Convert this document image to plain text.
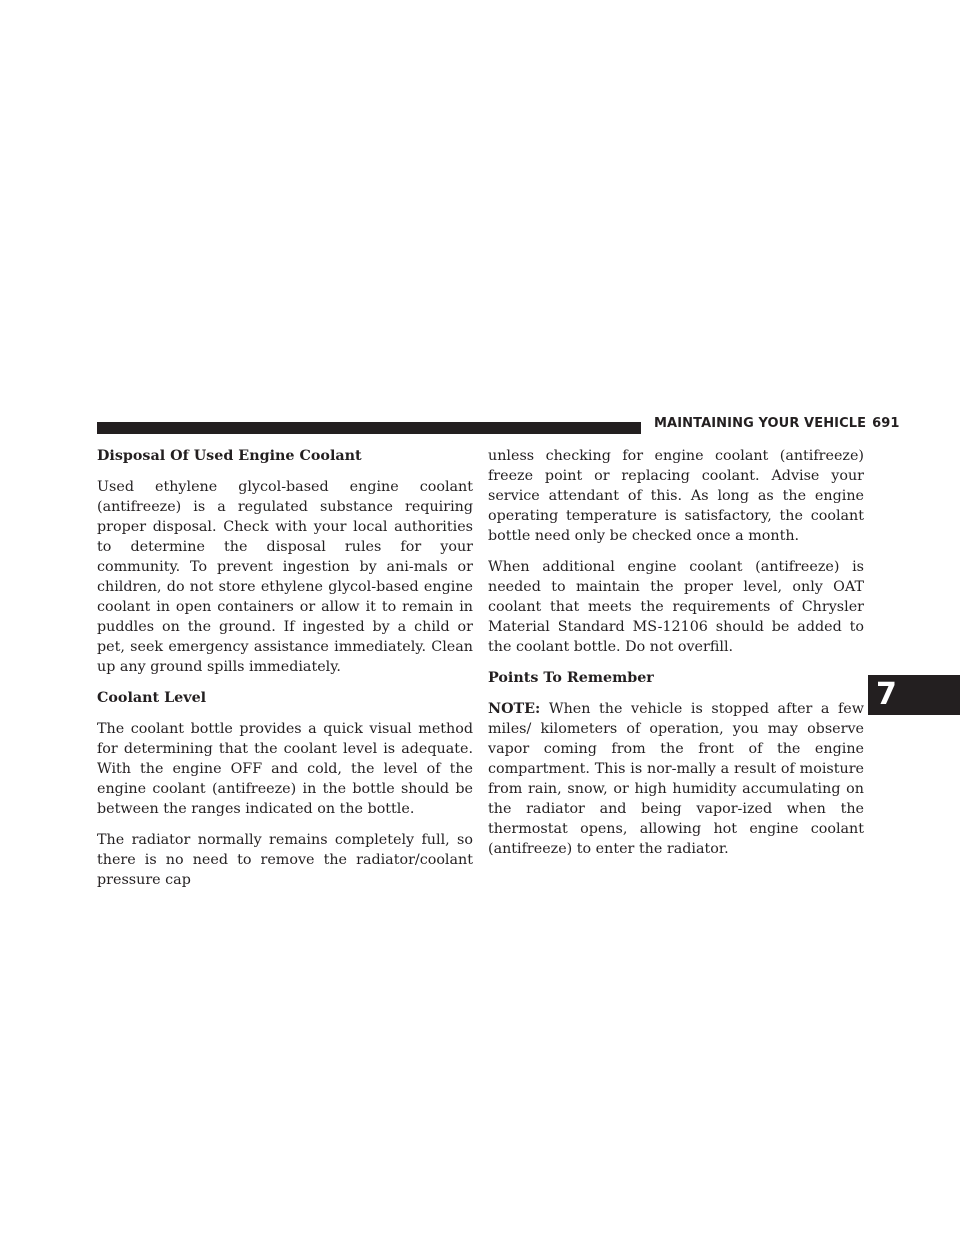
MAINTAINING YOUR VEHICLE 691
7
Disposal Of Used Engine Coolant

Used ethylene glycol-based engine coolant (antifreeze) is a regulated substance requiring proper disposal. Check with your local authorities to determine the disposal rules for your community. To prevent ingestion by ani-mals or children, do not store ethylene glycol-based engine coolant in open containers or allow it to remain in puddles on the ground. If ingested by a child or pet, seek emergency assistance immediately. Clean up any ground spills immediately.

Coolant Level

The coolant bottle provides a quick visual method for determining that the coolant level is adequate. With the engine OFF and cold, the level of the engine coolant (antifreeze) in the bottle should be between the ranges indicated on the bottle.

The radiator normally remains completely full, so there is no need to remove the radiator/coolant pressure cap

unless checking for engine coolant (antifreeze) freeze point or replacing coolant. Advise your service attendant of this. As long as the engine operating temperature is satisfactory, the coolant bottle need only be checked once a month.

When additional engine coolant (antifreeze) is needed to maintain the proper level, only OAT coolant that meets the requirements of Chrysler Material Standard MS-12106 should be added to the coolant bottle. Do not overfill.

Points To Remember

NOTE: When the vehicle is stopped after a few miles/ kilometers of operation, you may observe vapor coming from the front of the engine compartment. This is nor-mally a result of moisture from rain, snow, or high humidity accumulating on the radiator and being vapor-ized when the thermostat opens, allowing hot engine coolant (antifreeze) to enter the radiator.
